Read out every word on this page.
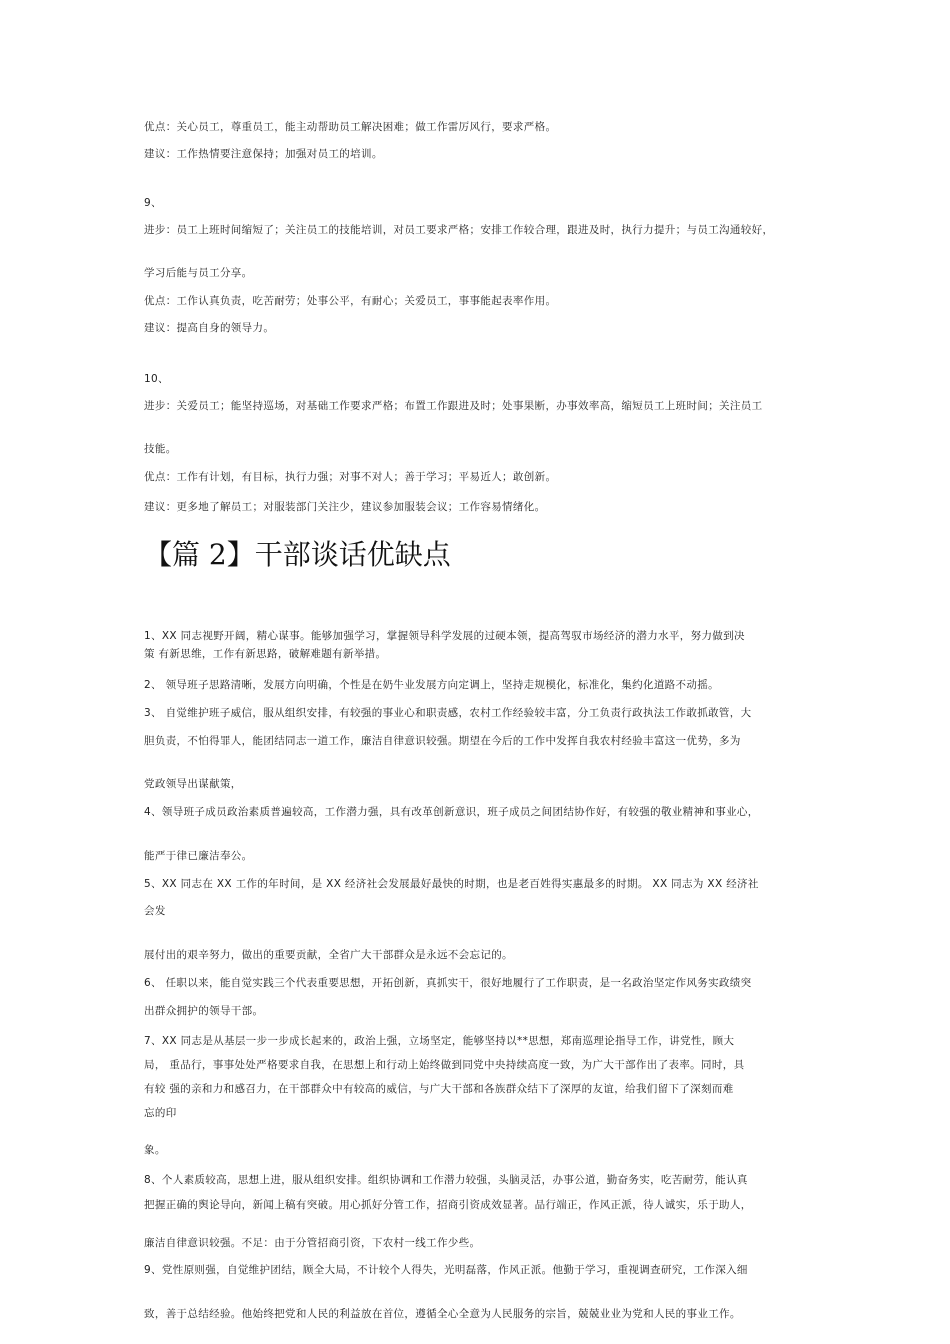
优点：关心员工，尊重员工，能主动帮助员工解决困难；做工作雷厉风行，要求严格。
建议：工作热情要注意保持；加强对员工的培训。
9、
进步：员工上班时间缩短了；关注员工的技能培训，对员工要求严格；安排工作较合理，跟进及时，执行力提升；与员工沟通较好，
学习后能与员工分享。
优点：工作认真负责，吃苦耐劳；处事公平，有耐心；关爱员工，事事能起表率作用。
建议：提高自身的领导力。
10、
进步：关爱员工；能坚持巡场，对基础工作要求严格；布置工作跟进及时；处事果断，办事效率高，缩短员工上班时间；关注员工
技能。
优点：工作有计划，有目标，执行力强；对事不对人；善于学习；平易近人；敢创新。
建议：更多地了解员工；对服装部门关注少，建议参加服装会议；工作容易情绪化。
【篇 2】干部谈话优缺点
1、XX 同志视野开阔，精心谋事。能够加强学习，掌握领导科学发展的过硬本领，提高驾驭市场经济的潜力水平，努力做到决
策 有新思维，工作有新思路，破解难题有新举措。
2、 领导班子思路清晰，发展方向明确，个性是在奶牛业发展方向定调上，坚持走规模化，标准化，集约化道路不动摇。
3、 自觉维护班子威信，服从组织安排，有较强的事业心和职责感，农村工作经验较丰富，分工负责行政执法工作敢抓敢管，大
胆负责，不怕得罪人，能团结同志一道工作，廉洁自律意识较强。期望在今后的工作中发挥自我农村经验丰富这一优势，多为
党政领导出谋献策，
4、领导班子成员政治素质普遍较高，工作潜力强，具有改革创新意识，班子成员之间团结协作好，有较强的敬业精神和事业心，
能严于律已廉洁奉公。
5、XX 同志在 XX 工作的年时间，是 XX 经济社会发展最好最快的时期，也是老百姓得实惠最多的时期。 XX 同志为 XX 经济社
会发
展付出的艰辛努力，做出的重要贡献，全省广大干部群众是永远不会忘记的。
6、 任职以来，能自觉实践三个代表重要思想，开拓创新，真抓实干，很好地履行了工作职责，是一名政治坚定作风务实政绩突
出群众拥护的领导干部。
7、XX 同志是从基层一步一步成长起来的，政治上强，立场坚定，能够坚持以**思想，郑南巡理论指导工作，讲党性，顾大
局， 重品行，事事处处严格要求自我，在思想上和行动上始终做到同党中央持续高度一致，为广大干部作出了表率。同时，具
有较 强的亲和力和感召力，在干部群众中有较高的威信，与广大干部和各族群众结下了深厚的友谊，给我们留下了深刻而难
忘的印
象。
8、个人素质较高，思想上进，服从组织安排。组织协调和工作潜力较强，头脑灵活，办事公道，勤奋务实，吃苦耐劳，能认真
把握正确的舆论导向，新闻上稿有突破。用心抓好分管工作，招商引资成效显著。品行端正，作风正派，待人诚实，乐于助人，
廉洁自律意识较强。不足：由于分管招商引资，下农村一线工作少些。
9、党性原则强，自觉维护团结，顾全大局，不计较个人得失，光明磊落，作风正派。他勤于学习，重视调查研究，工作深入细
致，善于总结经验。他始终把党和人民的利益放在首位，遵循全心全意为人民服务的宗旨，兢兢业业为党和人民的事业工作。
